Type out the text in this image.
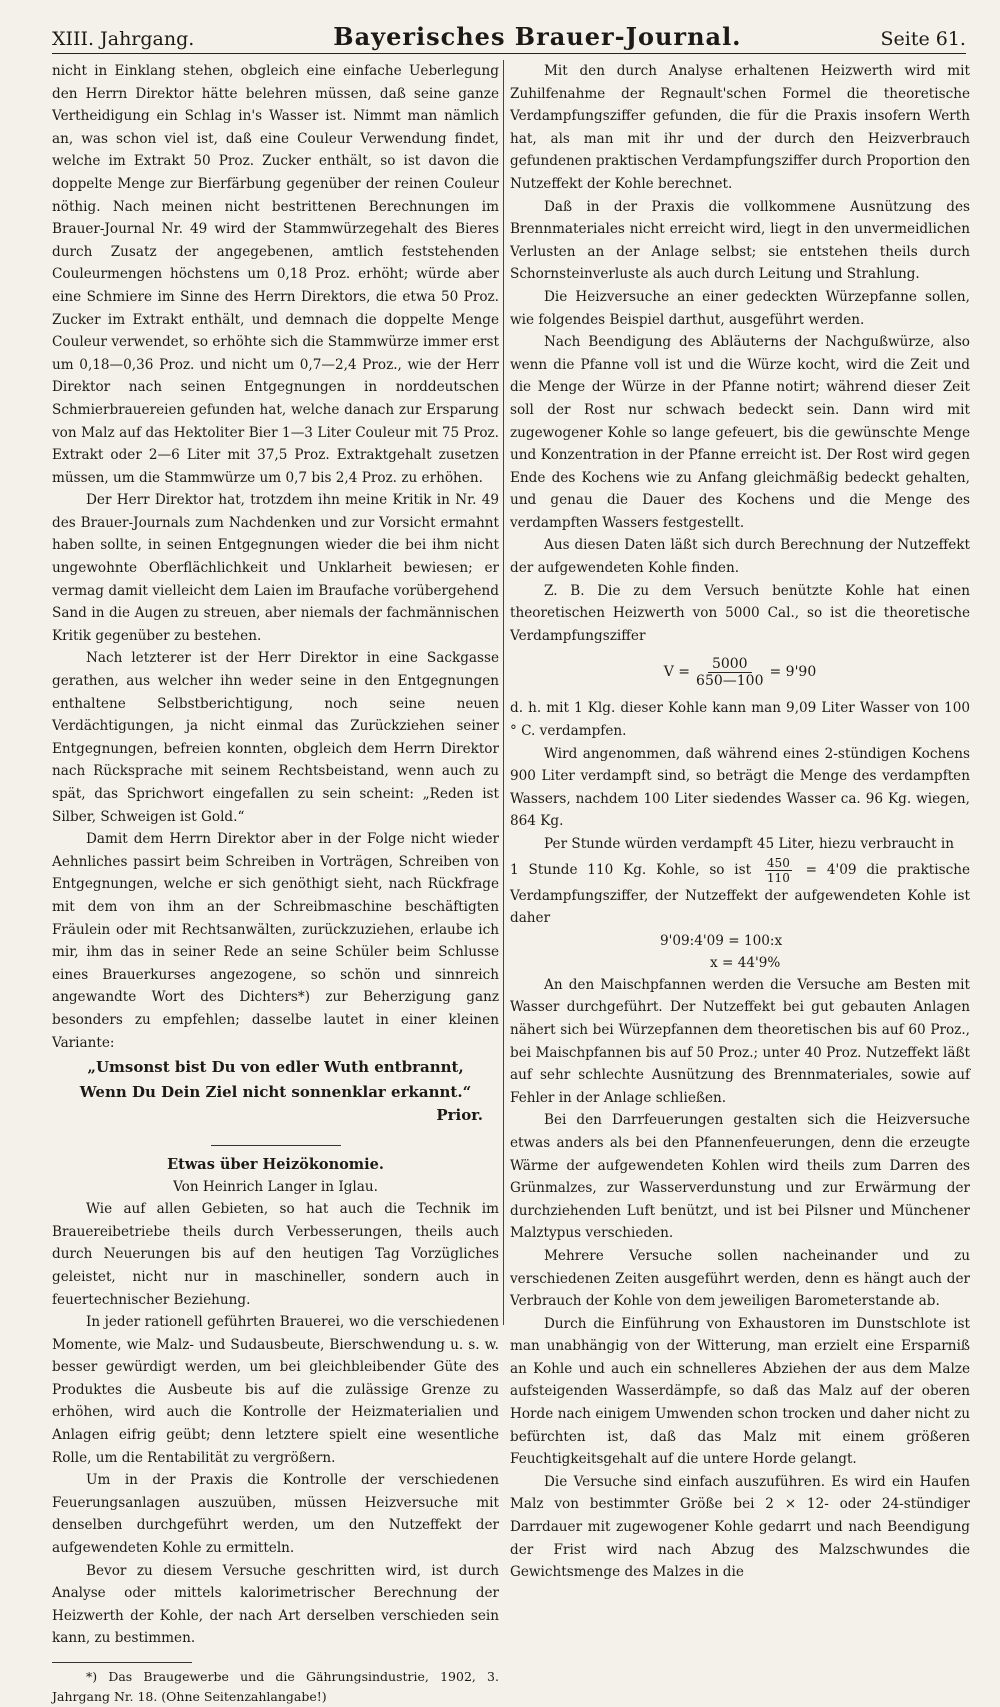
XIII. Jahrgang.	Bayerisches Brauer-Journal.	Seite 61.

nicht in Einklang stehen, obgleich eine einfache Ueberlegung den Herrn Direktor hätte belehren müssen, daß seine ganze Vertheidigung ein Schlag in's Wasser ist. Nimmt man nämlich an, was schon viel ist, daß eine Couleur Verwendung findet, welche im Extrakt 50 Proz. Zucker enthält, so ist davon die doppelte Menge zur Bierfärbung gegenüber der reinen Couleur nöthig. Nach meinen nicht bestrittenen Berechnungen im Brauer-Journal Nr. 49 wird der Stammwürzegehalt des Bieres durch Zusatz der angegebenen, amtlich feststehenden Couleurmengen höchstens um 0,18 Proz. erhöht; würde aber eine Schmiere im Sinne des Herrn Direktors, die etwa 50 Proz. Zucker im Extrakt enthält, und demnach die doppelte Menge Couleur verwendet, so erhöhte sich die Stammwürze immer erst um 0,18—0,36 Proz. und nicht um 0,7—2,4 Proz., wie der Herr Direktor nach seinen Entgegnungen in norddeutschen Schmierbrauereien gefunden hat, welche danach zur Ersparung von Malz auf das Hektoliter Bier 1—3 Liter Couleur mit 75 Proz. Extrakt oder 2—6 Liter mit 37,5 Proz. Extraktgehalt zusetzen müssen, um die Stammwürze um 0,7 bis 2,4 Proz. zu erhöhen.

Der Herr Direktor hat, trotzdem ihn meine Kritik in Nr. 49 des Brauer-Journals zum Nachdenken und zur Vorsicht ermahnt haben sollte, in seinen Entgegnungen wieder die bei ihm nicht ungewohnte Oberflächlichkeit und Unklarheit bewiesen; er vermag damit vielleicht dem Laien im Braufache vorübergehend Sand in die Augen zu streuen, aber niemals der fachmännischen Kritik gegenüber zu bestehen.

Nach letzterer ist der Herr Direktor in eine Sackgasse gerathen, aus welcher ihn weder seine in den Entgegnungen enthaltene Selbstberichtigung, noch seine neuen Verdächtigungen, ja nicht einmal das Zurückziehen seiner Entgegnungen, befreien konnten, obgleich dem Herrn Direktor nach Rücksprache mit seinem Rechtsbeistand, wenn auch zu spät, das Sprichwort eingefallen zu sein scheint: „Reden ist Silber, Schweigen ist Gold.“

Damit dem Herrn Direktor aber in der Folge nicht wieder Aehnliches passirt beim Schreiben in Vorträgen, Schreiben von Entgegnungen, welche er sich genöthigt sieht, nach Rückfrage mit dem von ihm an der Schreibmaschine beschäftigten Fräulein oder mit Rechtsanwälten, zurückzuziehen, erlaube ich mir, ihm das in seiner Rede an seine Schüler beim Schlusse eines Brauerkurses angezogene, so schön und sinnreich angewandte Wort des Dichters*) zur Beherzigung ganz besonders zu empfehlen; dasselbe lautet in einer kleinen Variante:

„Umsonst bist Du von edler Wuth entbrannt,
Wenn Du Dein Ziel nicht sonnenklar erkannt.“
Prior.
Etwas über Heizökonomie.
Von Heinrich Langer in Iglau.

Wie auf allen Gebieten, so hat auch die Technik im Brauereibetriebe theils durch Verbesserungen, theils auch durch Neuerungen bis auf den heutigen Tag Vorzügliches geleistet, nicht nur in maschineller, sondern auch in feuertechnischer Beziehung.

In jeder rationell geführten Brauerei, wo die verschiedenen Momente, wie Malz- und Sudausbeute, Bierschwendung u. s. w. besser gewürdigt werden, um bei gleichbleibender Güte des Produktes die Ausbeute bis auf die zulässige Grenze zu erhöhen, wird auch die Kontrolle der Heizmaterialien und Anlagen eifrig geübt; denn letztere spielt eine wesentliche Rolle, um die Rentabilität zu vergrößern.

Um in der Praxis die Kontrolle der verschiedenen Feuerungsanlagen auszuüben, müssen Heizversuche mit denselben durchgeführt werden, um den Nutzeffekt der aufgewendeten Kohle zu ermitteln.

Bevor zu diesem Versuche geschritten wird, ist durch Analyse oder mittels kalorimetrischer Berechnung der Heizwerth der Kohle, der nach Art derselben verschieden sein kann, zu bestimmen.

*) Das Braugewerbe und die Gährungsindustrie, 1902, 3. Jahrgang Nr. 18. (Ohne Seitenzahlangabe!)

Mit den durch Analyse erhaltenen Heizwerth wird mit Zuhilfenahme der Regnault'schen Formel die theoretische Verdampfungsziffer gefunden, die für die Praxis insofern Werth hat, als man mit ihr und der durch den Heizverbrauch gefundenen praktischen Verdampfungsziffer durch Proportion den Nutzeffekt der Kohle berechnet.

Daß in der Praxis die vollkommene Ausnützung des Brennmateriales nicht erreicht wird, liegt in den unvermeidlichen Verlusten an der Anlage selbst; sie entstehen theils durch Schornsteinverluste als auch durch Leitung und Strahlung.

Die Heizversuche an einer gedeckten Würzepfanne sollen, wie folgendes Beispiel darthut, ausgeführt werden.

Nach Beendigung des Abläuterns der Nachgußwürze, also wenn die Pfanne voll ist und die Würze kocht, wird die Zeit und die Menge der Würze in der Pfanne notirt; während dieser Zeit soll der Rost nur schwach bedeckt sein. Dann wird mit zugewogener Kohle so lange gefeuert, bis die gewünschte Menge und Konzentration in der Pfanne erreicht ist. Der Rost wird gegen Ende des Kochens wie zu Anfang gleichmäßig bedeckt gehalten, und genau die Dauer des Kochens und die Menge des verdampften Wassers festgestellt.

Aus diesen Daten läßt sich durch Berechnung der Nutzeffekt der aufgewendeten Kohle finden.

Z. B. Die zu dem Versuch benützte Kohle hat einen theoretischen Heizwerth von 5000 Cal., so ist die theoretische Verdampfungsziffer

$V = \frac{5000}{650—100} = 9'90$

d. h. mit 1 Klg. dieser Kohle kann man 9,09 Liter Wasser von 100 ° C. verdampfen.

Wird angenommen, daß während eines 2-stündigen Kochens 900 Liter verdampft sind, so beträgt die Menge des verdampften Wassers, nachdem 100 Liter siedendes Wasser ca. 96 Kg. wiegen, 864 Kg.

Per Stunde würden verdampft 45 Liter, hiezu verbraucht in

1 Stunde 110 Kg. Kohle, so ist $\frac{450}{110} = 4'09$ die praktische Verdampfungsziffer, der Nutzeffekt der aufgewendeten Kohle ist daher

9'09:4'09 = 100:x
x = 44'9%

An den Maischpfannen werden die Versuche am Besten mit Wasser durchgeführt. Der Nutzeffekt bei gut gebauten Anlagen nähert sich bei Würzepfannen dem theoretischen bis auf 60 Proz., bei Maischpfannen bis auf 50 Proz.; unter 40 Proz. Nutzeffekt läßt auf sehr schlechte Ausnützung des Brennmateriales, sowie auf Fehler in der Anlage schließen.

Bei den Darrfeuerungen gestalten sich die Heizversuche etwas anders als bei den Pfannenfeuerungen, denn die erzeugte Wärme der aufgewendeten Kohlen wird theils zum Darren des Grünmalzes, zur Wasserverdunstung und zur Erwärmung der durchziehenden Luft benützt, und ist bei Pilsner und Münchener Malztypus verschieden.

Mehrere Versuche sollen nacheinander und zu verschiedenen Zeiten ausgeführt werden, denn es hängt auch der Verbrauch der Kohle von dem jeweiligen Barometerstande ab.

Durch die Einführung von Exhaustoren im Dunstschlote ist man unabhängig von der Witterung, man erzielt eine Ersparniß an Kohle und auch ein schnelleres Abziehen der aus dem Malze aufsteigenden Wasserdämpfe, so daß das Malz auf der oberen Horde nach einigem Umwenden schon trocken und daher nicht zu befürchten ist, daß das Malz mit einem größeren Feuchtigkeitsgehalt auf die untere Horde gelangt.

Die Versuche sind einfach auszuführen. Es wird ein Haufen Malz von bestimmter Größe bei 2 × 12- oder 24-stündiger Darrdauer mit zugewogener Kohle gedarrt und nach Beendigung der Frist wird nach Abzug des Malzschwundes die Gewichtsmenge des Malzes in die
